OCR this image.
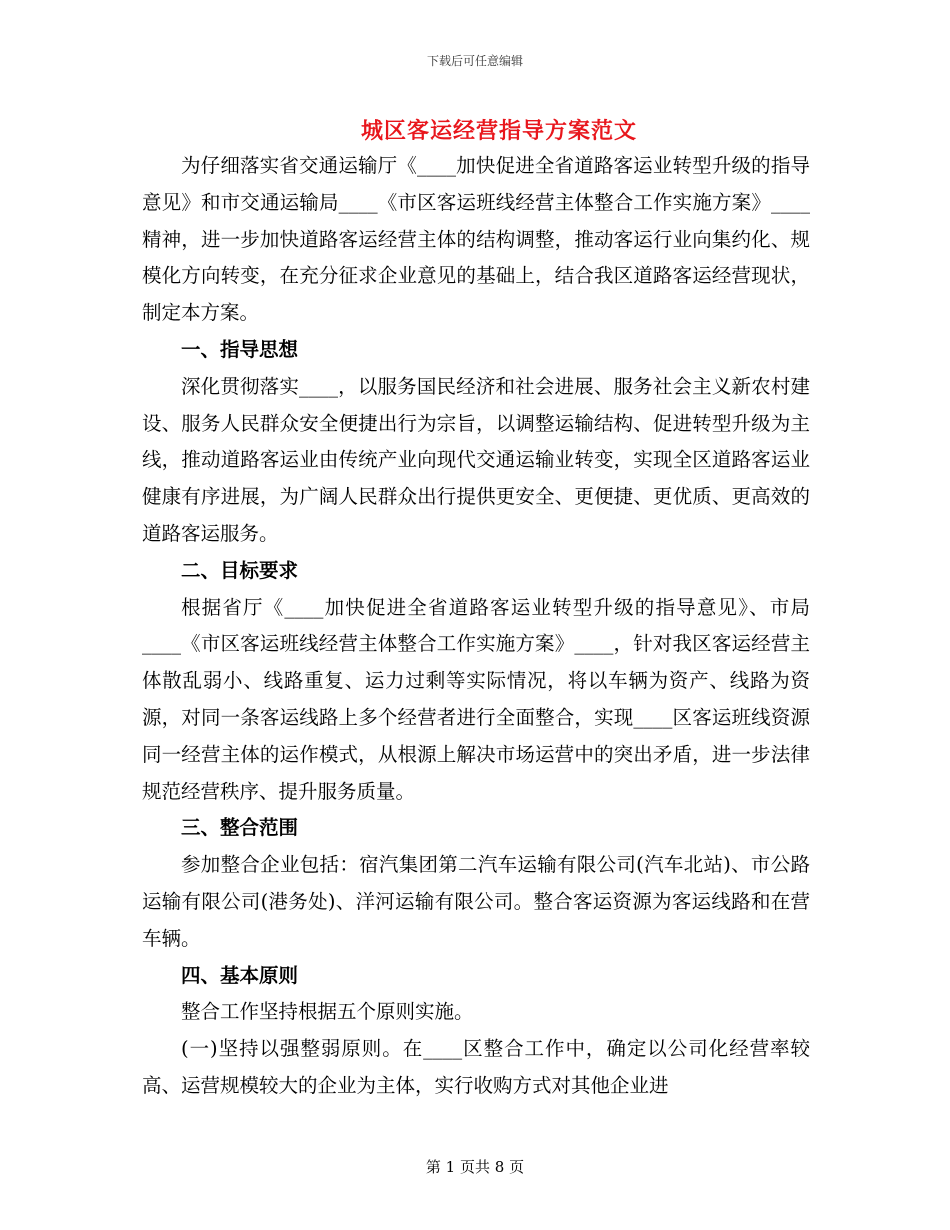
下载后可任意编辑
城区客运经营指导方案范文

为仔细落实省交通运输厅《____加快促进全省道路客运业转型升级的指导意见》和市交通运输局____《市区客运班线经营主体整合工作实施方案》____精神，进一步加快道路客运经营主体的结构调整，推动客运行业向集约化、规模化方向转变，在充分征求企业意见的基础上，结合我区道路客运经营现状，制定本方案。

一、指导思想

深化贯彻落实____，以服务国民经济和社会进展、服务社会主义新农村建设、服务人民群众安全便捷出行为宗旨，以调整运输结构、促进转型升级为主线，推动道路客运业由传统产业向现代交通运输业转变，实现全区道路客运业健康有序进展，为广阔人民群众出行提供更安全、更便捷、更优质、更高效的道路客运服务。

二、目标要求

根据省厅《____加快促进全省道路客运业转型升级的指导意见》、市局____《市区客运班线经营主体整合工作实施方案》____，针对我区客运经营主体散乱弱小、线路重复、运力过剩等实际情况，将以车辆为资产、线路为资源，对同一条客运线路上多个经营者进行全面整合，实现____区客运班线资源同一经营主体的运作模式，从根源上解决市场运营中的突出矛盾，进一步法律规范经营秩序、提升服务质量。

三、整合范围

参加整合企业包括：宿汽集团第二汽车运输有限公司(汽车北站)、市公路运输有限公司(港务处)、洋河运输有限公司。整合客运资源为客运线路和在营车辆。

四、基本原则

整合工作坚持根据五个原则实施。

(一)坚持以强整弱原则。在____区整合工作中，确定以公司化经营率较高、运营规模较大的企业为主体，实行收购方式对其他企业进

第 1 页共 8 页
